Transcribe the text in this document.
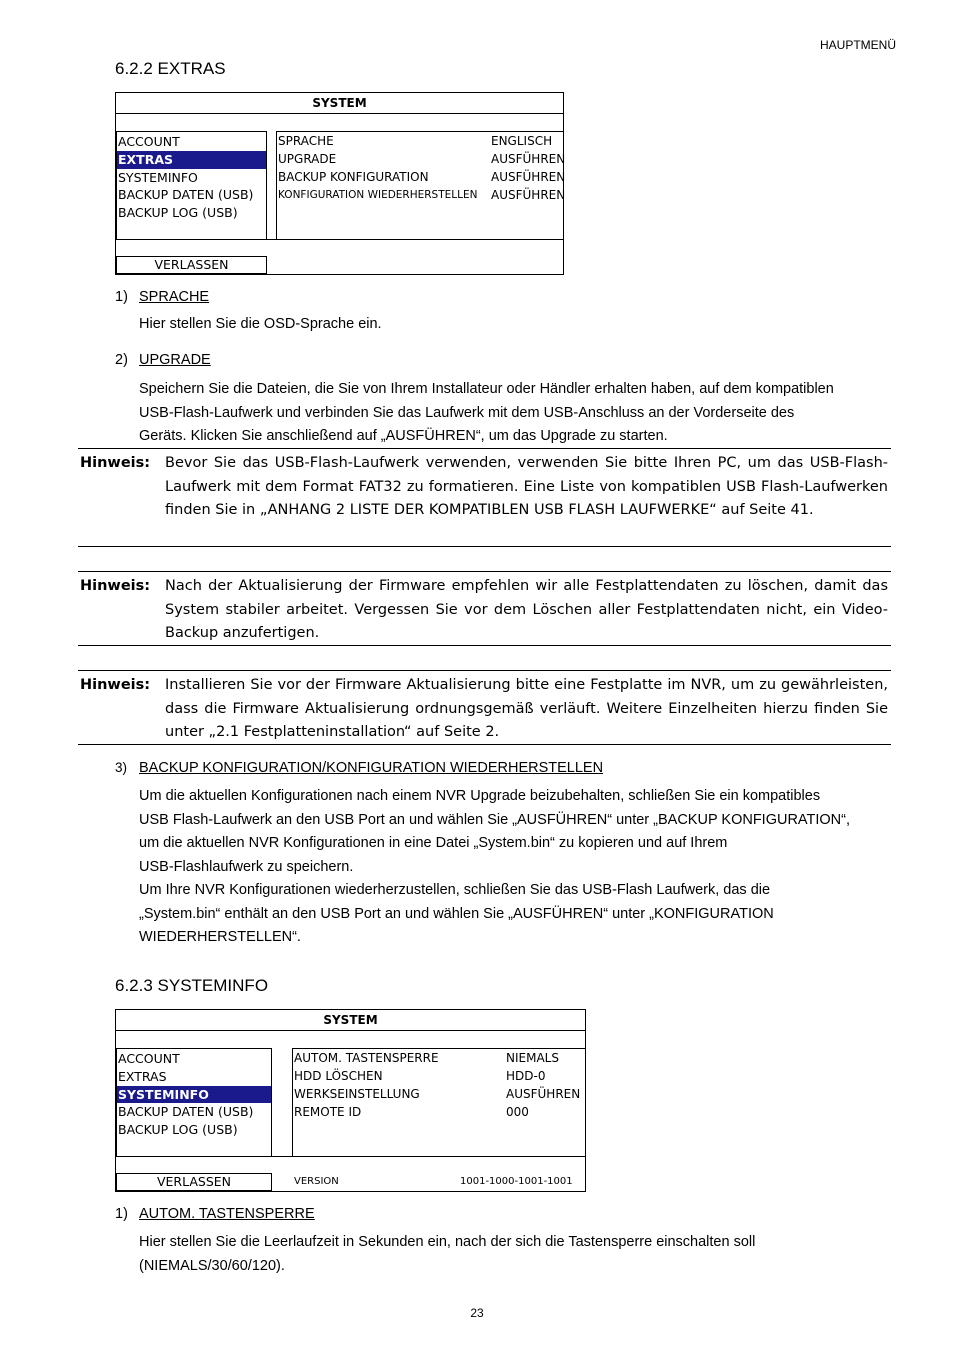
HAUPTMENÜ
6.2.2 EXTRAS
SYSTEM
ACCOUNT
EXTRAS
SYSTEMINFO
BACKUP DATEN (USB)
BACKUP LOG (USB)
SPRACHE	ENGLISCH
UPGRADE	AUSFÜHREN
BACKUP KONFIGURATION	AUSFÜHREN
KONFIGURATION WIEDERHERSTELLEN AUSFÜHREN
VERLASSEN
1) SPRACHE
Hier stellen Sie die OSD-Sprache ein.
2) UPGRADE
Speichern Sie die Dateien, die Sie von Ihrem Installateur oder Händler erhalten haben, auf dem kompatiblen
USB-Flash-Laufwerk und verbinden Sie das Laufwerk mit dem USB-Anschluss an der Vorderseite des
Geräts. Klicken Sie anschließend auf „AUSFÜHREN“, um das Upgrade zu starten.
Hinweis: Bevor Sie das USB-Flash-Laufwerk verwenden, verwenden Sie bitte Ihren PC, um das USB-Flash-Laufwerk mit dem Format FAT32 zu formatieren. Eine Liste von kompatiblen USB Flash-Laufwerken finden Sie in „ANHANG 2 LISTE DER KOMPATIBLEN USB FLASH LAUFWERKE“ auf Seite 41.
Hinweis: Nach der Aktualisierung der Firmware empfehlen wir alle Festplattendaten zu löschen, damit das System stabiler arbeitet. Vergessen Sie vor dem Löschen aller Festplattendaten nicht, ein Video-Backup anzufertigen.
Hinweis: Installieren Sie vor der Firmware Aktualisierung bitte eine Festplatte im NVR, um zu gewährleisten, dass die Firmware Aktualisierung ordnungsgemäß verläuft. Weitere Einzelheiten hierzu finden Sie unter „2.1 Festplatteninstallation“ auf Seite 2.
3) BACKUP KONFIGURATION/KONFIGURATION WIEDERHERSTELLEN
Um die aktuellen Konfigurationen nach einem NVR Upgrade beizubehalten, schließen Sie ein kompatibles
USB Flash-Laufwerk an den USB Port an und wählen Sie „AUSFÜHREN“ unter „BACKUP KONFIGURATION“,
um die aktuellen NVR Konfigurationen in eine Datei „System.bin“ zu kopieren und auf Ihrem
USB-Flashlaufwerk zu speichern.
Um Ihre NVR Konfigurationen wiederherzustellen, schließen Sie das USB-Flash Laufwerk, das die
„System.bin“ enthält an den USB Port an und wählen Sie „AUSFÜHREN“ unter „KONFIGURATION
WIEDERHERSTELLEN“.
6.2.3 SYSTEMINFO
SYSTEM
ACCOUNT
EXTRAS
SYSTEMINFO
BACKUP DATEN (USB)
BACKUP LOG (USB)
AUTOM. TASTENSPERRE	NIEMALS
HDD LÖSCHEN	HDD-0
WERKSEINSTELLUNG	AUSFÜHREN
REMOTE ID	000
VERLASSEN	VERSION	1001-1000-1001-1001
1) AUTOM. TASTENSPERRE
Hier stellen Sie die Leerlaufzeit in Sekunden ein, nach der sich die Tastensperre einschalten soll
(NIEMALS/30/60/120).
23
